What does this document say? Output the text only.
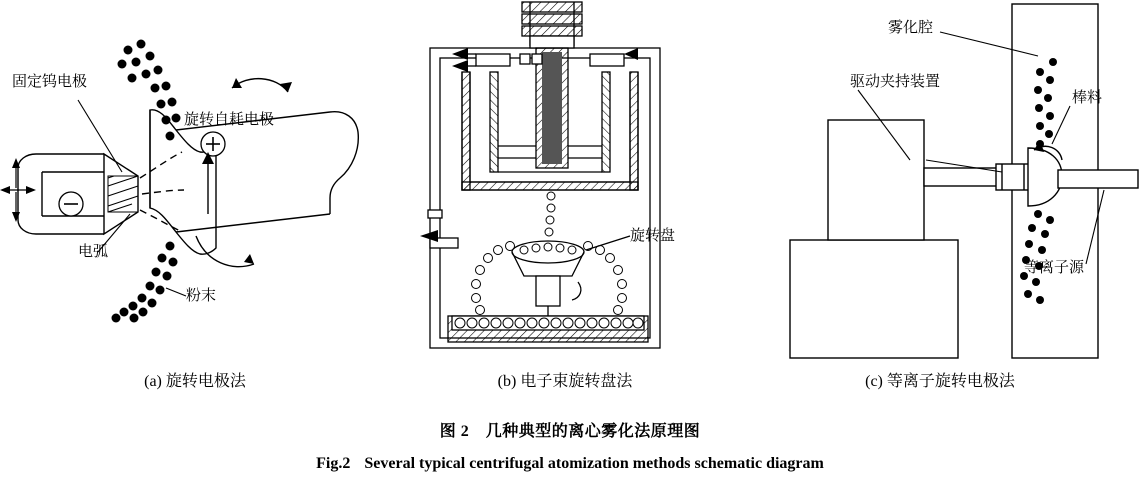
固定钨电极
旋转自耗电极
电弧
粉末
(a) 旋转电极法
旋转盘
(b) 电子束旋转盘法
雾化腔
驱动夹持装置
棒料
等离子源
(c) 等离子旋转电极法
图 2　几种典型的离心雾化法原理图
Fig.2 Several typical centrifugal atomization methods schematic diagram
